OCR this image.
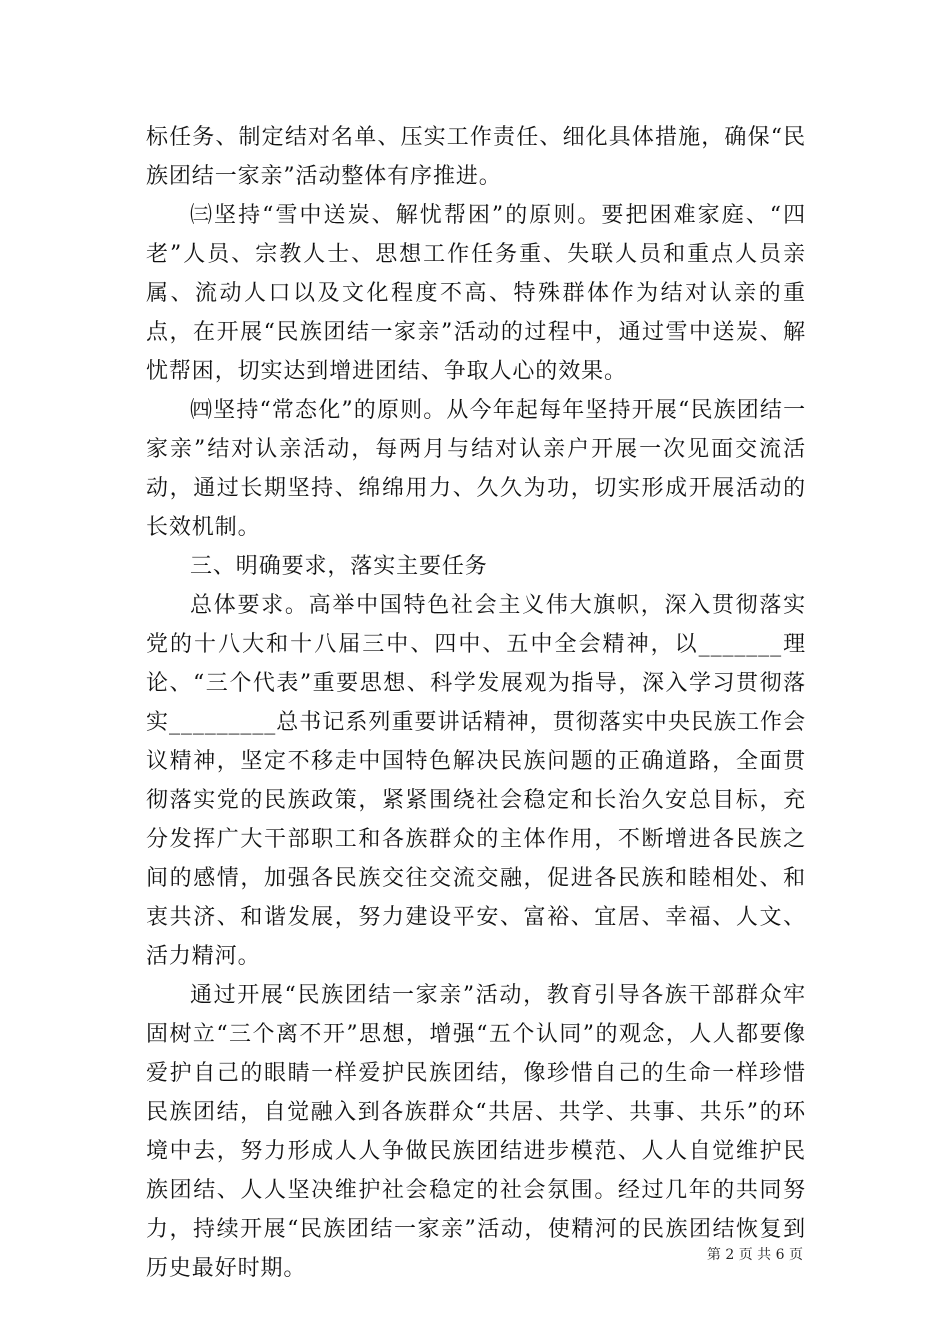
标任务、制定结对名单、压实工作责任、细化具体措施，确保“民族团结一家亲”活动整体有序推进。

㈢坚持“雪中送炭、解忧帮困”的原则。要把困难家庭、“四老”人员、宗教人士、思想工作任务重、失联人员和重点人员亲属、流动人口以及文化程度不高、特殊群体作为结对认亲的重点，在开展“民族团结一家亲”活动的过程中，通过雪中送炭、解忧帮困，切实达到增进团结、争取人心的效果。

㈣坚持“常态化”的原则。从今年起每年坚持开展“民族团结一家亲”结对认亲活动，每两月与结对认亲户开展一次见面交流活动，通过长期坚持、绵绵用力、久久为功，切实形成开展活动的长效机制。

三、明确要求，落实主要任务

总体要求。高举中国特色社会主义伟大旗帜，深入贯彻落实党的十八大和十八届三中、四中、五中全会精神，以_______理论、“三个代表”重要思想、科学发展观为指导，深入学习贯彻落实_________总书记系列重要讲话精神，贯彻落实中央民族工作会议精神，坚定不移走中国特色解决民族问题的正确道路，全面贯彻落实党的民族政策，紧紧围绕社会稳定和长治久安总目标，充分发挥广大干部职工和各族群众的主体作用，不断增进各民族之间的感情，加强各民族交往交流交融，促进各民族和睦相处、和衷共济、和谐发展，努力建设平安、富裕、宜居、幸福、人文、活力精河。

通过开展“民族团结一家亲”活动，教育引导各族干部群众牢固树立“三个离不开”思想，增强“五个认同”的观念，人人都要像爱护自己的眼睛一样爱护民族团结，像珍惜自己的生命一样珍惜民族团结，自觉融入到各族群众“共居、共学、共事、共乐”的环境中去，努力形成人人争做民族团结进步模范、人人自觉维护民族团结、人人坚决维护社会稳定的社会氛围。经过几年的共同努力，持续开展“民族团结一家亲”活动，使精河的民族团结恢复到历史最好时期。

第 2 页 共 6 页
